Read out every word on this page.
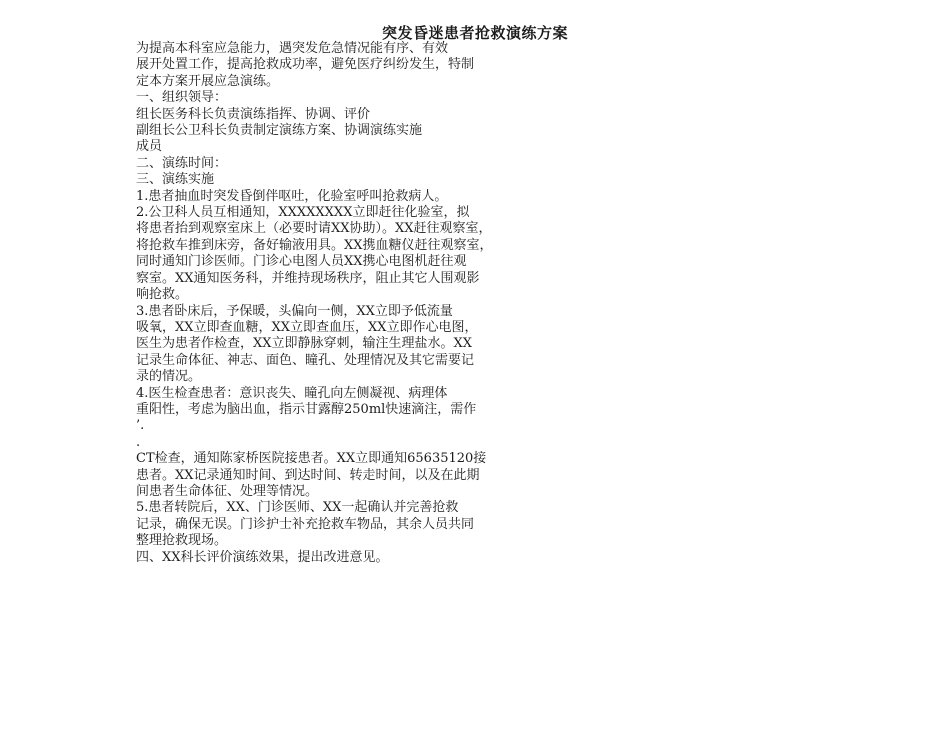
突发昏迷患者抢救演练方案
为提高本科室应急能力，遇突发危急情况能有序、有效
展开处置工作，提高抢救成功率，避免医疗纠纷发生，特制
定本方案开展应急演练。
一、组织领导：
组长医务科长负责演练指挥、协调、评价
副组长公卫科长负责制定演练方案、协调演练实施
成员
二、演练时间：
三、演练实施
1.患者抽血时突发昏倒伴呕吐，化验室呼叫抢救病人。
2.公卫科人员互相通知，XXXXXXXX立即赶往化验室，拟
将患者抬到观察室床上（必要时请XX协助）。XX赶往观察室，
将抢救车推到床旁，备好输液用具。XX携血糖仪赶往观察室，
同时通知门诊医师。门诊心电图人员XX携心电图机赶往观
察室。XX通知医务科，并维持现场秩序，阻止其它人围观影
响抢救。
3.患者卧床后，予保暖，头偏向一侧，XX立即予低流量
吸氧，XX立即查血糖，XX立即查血压，XX立即作心电图，
医生为患者作检查，XX立即静脉穿刺，输注生理盐水。XX
记录生命体征、神志、面色、瞳孔、处理情况及其它需要记
录的情况。
4.医生检查患者：意识丧失、瞳孔向左侧凝视、病理体
重阳性，考虑为脑出血，指示甘露醇250ml快速滴注，需作
’.
.
CT检查，通知陈家桥医院接患者。XX立即通知65635120接
患者。XX记录通知时间、到达时间、转走时间，以及在此期
间患者生命体征、处理等情况。
5.患者转院后，XX、门诊医师、XX一起确认并完善抢救
记录，确保无误。门诊护士补充抢救车物品，其余人员共同
整理抢救现场。
四、XX科长评价演练效果，提出改进意见。
